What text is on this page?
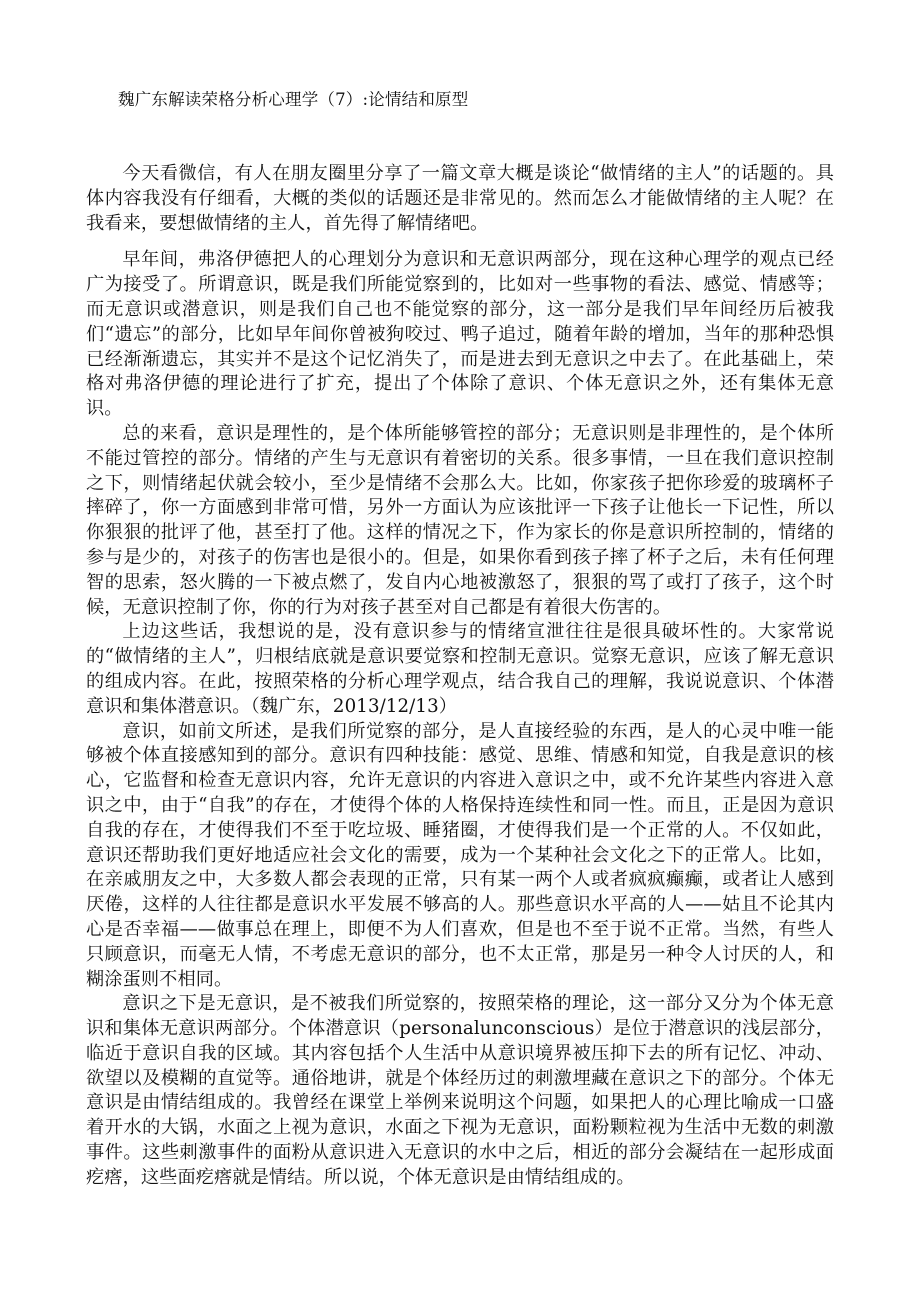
魏广东解读荣格分析心理学（7）:论情结和原型

今天看微信，有人在朋友圈里分享了一篇文章大概是谈论“做情绪的主人”的话题的。具体内容我没有仔细看，大概的类似的话题还是非常见的。然而怎么才能做情绪的主人呢？在我看来，要想做情绪的主人，首先得了解情绪吧。

早年间，弗洛伊德把人的心理划分为意识和无意识两部分，现在这种心理学的观点已经广为接受了。所谓意识，既是我们所能觉察到的，比如对一些事物的看法、感觉、情感等；而无意识或潜意识，则是我们自己也不能觉察的部分，这一部分是我们早年间经历后被我们“遗忘”的部分，比如早年间你曾被狗咬过、鸭子追过，随着年龄的增加，当年的那种恐惧已经渐渐遗忘，其实并不是这个记忆消失了，而是进去到无意识之中去了。在此基础上，荣格对弗洛伊德的理论进行了扩充，提出了个体除了意识、个体无意识之外，还有集体无意识。

总的来看，意识是理性的，是个体所能够管控的部分；无意识则是非理性的，是个体所不能过管控的部分。情绪的产生与无意识有着密切的关系。很多事情，一旦在我们意识控制之下，则情绪起伏就会较小，至少是情绪不会那么大。比如，你家孩子把你珍爱的玻璃杯子摔碎了，你一方面感到非常可惜，另外一方面认为应该批评一下孩子让他长一下记性，所以你狠狠的批评了他，甚至打了他。这样的情况之下，作为家长的你是意识所控制的，情绪的参与是少的，对孩子的伤害也是很小的。但是，如果你看到孩子摔了杯子之后，未有任何理智的思索，怒火腾的一下被点燃了，发自内心地被激怒了，狠狠的骂了或打了孩子，这个时候，无意识控制了你，你的行为对孩子甚至对自己都是有着很大伤害的。

上边这些话，我想说的是，没有意识参与的情绪宣泄往往是很具破坏性的。大家常说的“做情绪的主人”，归根结底就是意识要觉察和控制无意识。觉察无意识，应该了解无意识的组成内容。在此，按照荣格的分析心理学观点，结合我自己的理解，我说说意识、个体潜意识和集体潜意识。（魏广东，2013/12/13）

意识，如前文所述，是我们所觉察的部分，是人直接经验的东西，是人的心灵中唯一能够被个体直接感知到的部分。意识有四种技能：感觉、思维、情感和知觉，自我是意识的核心，它监督和检查无意识内容，允许无意识的内容进入意识之中，或不允许某些内容进入意识之中，由于“自我”的存在，才使得个体的人格保持连续性和同一性。而且，正是因为意识自我的存在，才使得我们不至于吃垃圾、睡猪圈，才使得我们是一个正常的人。不仅如此，意识还帮助我们更好地适应社会文化的需要，成为一个某种社会文化之下的正常人。比如，在亲戚朋友之中，大多数人都会表现的正常，只有某一两个人或者疯疯癫癫，或者让人感到厌倦，这样的人往往都是意识水平发展不够高的人。那些意识水平高的人——姑且不论其内心是否幸福——做事总在理上，即便不为人们喜欢，但是也不至于说不正常。当然，有些人只顾意识，而毫无人情，不考虑无意识的部分，也不太正常，那是另一种令人讨厌的人，和糊涂蛋则不相同。

意识之下是无意识，是不被我们所觉察的，按照荣格的理论，这一部分又分为个体无意识和集体无意识两部分。个体潜意识（personalunconscious）是位于潜意识的浅层部分，临近于意识自我的区域。其内容包括个人生活中从意识境界被压抑下去的所有记忆、冲动、欲望以及模糊的直觉等。通俗地讲，就是个体经历过的刺激埋藏在意识之下的部分。个体无意识是由情结组成的。我曾经在课堂上举例来说明这个问题，如果把人的心理比喻成一口盛着开水的大锅，水面之上视为意识，水面之下视为无意识，面粉颗粒视为生活中无数的刺激事件。这些刺激事件的面粉从意识进入无意识的水中之后，相近的部分会凝结在一起形成面疙瘩，这些面疙瘩就是情结。所以说，个体无意识是由情结组成的。
